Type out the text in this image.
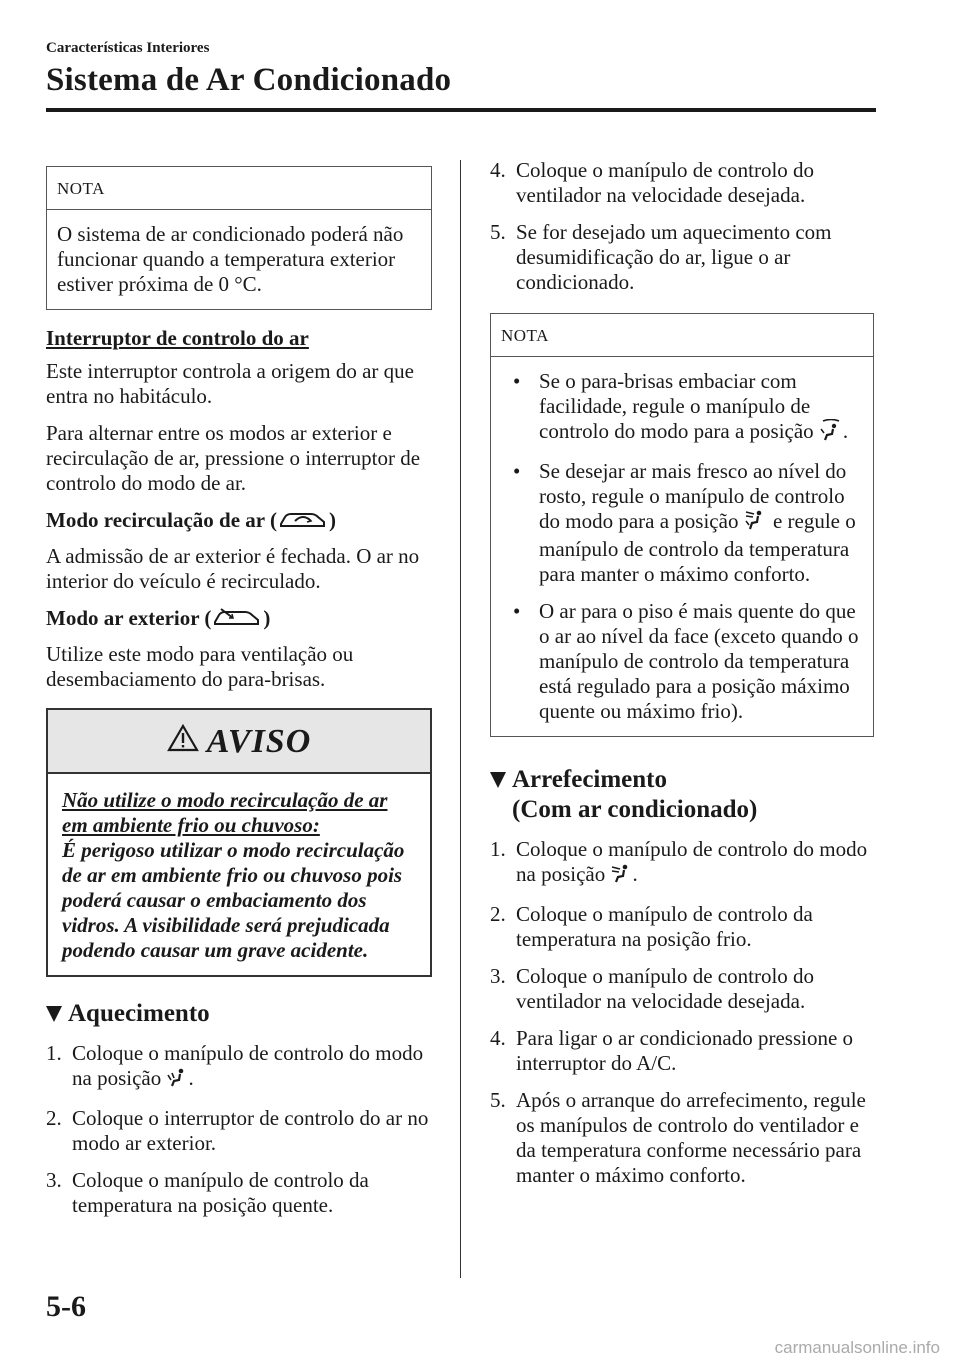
Características Interiores
Sistema de Ar Condicionado
NOTA

O sistema de ar condicionado poderá não funcionar quando a temperatura exterior estiver próxima de 0 °C.

Interruptor de controlo do ar

Este interruptor controla a origem do ar que entra no habitáculo.

Para alternar entre os modos ar exterior e recirculação de ar, pressione o interruptor de controlo do modo de ar.

Modo recirculação de ar ( )

A admissão de ar exterior é fechada. O ar no interior do veículo é recirculado.

Modo ar exterior ( )

Utilize este modo para ventilação ou desembaciamento do para-brisas.

AVISO

Não utilize o modo recirculação de ar

em ambiente frio ou chuvoso:

É perigoso utilizar o modo recirculação de ar em ambiente frio ou chuvoso pois poderá causar o embaciamento dos vidros. A visibilidade será prejudicada podendo causar um grave acidente.

Aquecimento
1. Coloque o manípulo de controlo do modo na posição .
2. Coloque o interruptor de controlo do ar no modo ar exterior.
3. Coloque o manípulo de controlo da temperatura na posição quente.
4. Coloque o manípulo de controlo do ventilador na velocidade desejada.
5. Se for desejado um aquecimento com desumidificação do ar, ligue o ar condicionado.
NOTA
• Se o para-brisas embaciar com facilidade, regule o manípulo de controlo do modo para a posição .
• Se desejar ar mais fresco ao nível do rosto, regule o manípulo de controlo do modo para a posição  e regule o manípulo de controlo da temperatura para manter o máximo conforto.
• O ar para o piso é mais quente do que o ar ao nível da face (exceto quando o manípulo de controlo da temperatura está regulado para a posição máximo quente ou máximo frio).
Arrefecimento
(Com ar condicionado)
1. Coloque o manípulo de controlo do modo na posição .
2. Coloque o manípulo de controlo da temperatura na posição frio.
3. Coloque o manípulo de controlo do ventilador na velocidade desejada.
4. Para ligar o ar condicionado pressione o interruptor do A/C.
5. Após o arranque do arrefecimento, regule os manípulos de controlo do ventilador e da temperatura conforme necessário para manter o máximo conforto.
5-6
carmanualsonline.info
